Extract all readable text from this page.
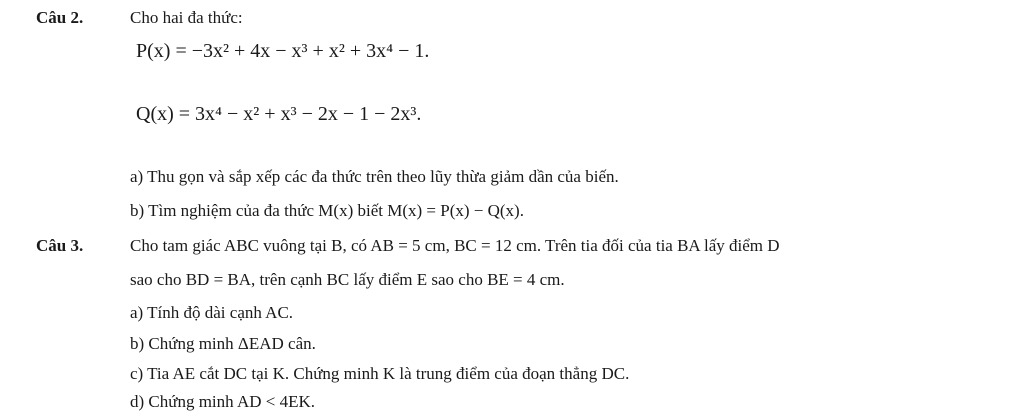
Câu 2.	Cho hai đa thức:
P(x) = −3x² + 4x − x³ + x² + 3x⁴ − 1.
Q(x) = 3x⁴ − x² + x³ − 2x − 1 − 2x³.
a) Thu gọn và sắp xếp các đa thức trên theo lũy thừa giảm dần của biến.
b) Tìm nghiệm của đa thức M(x) biết M(x) = P(x) − Q(x).
Câu 3.	Cho tam giác ABC vuông tại B, có AB = 5 cm, BC = 12 cm. Trên tia đối của tia BA lấy điểm D
sao cho BD = BA, trên cạnh BC lấy điểm E sao cho BE = 4 cm.
a) Tính độ dài cạnh AC.
b) Chứng minh ΔEAD cân.
c) Tia AE cắt DC tại K. Chứng minh K là trung điểm của đoạn thẳng DC.
d) Chứng minh AD < 4EK.
